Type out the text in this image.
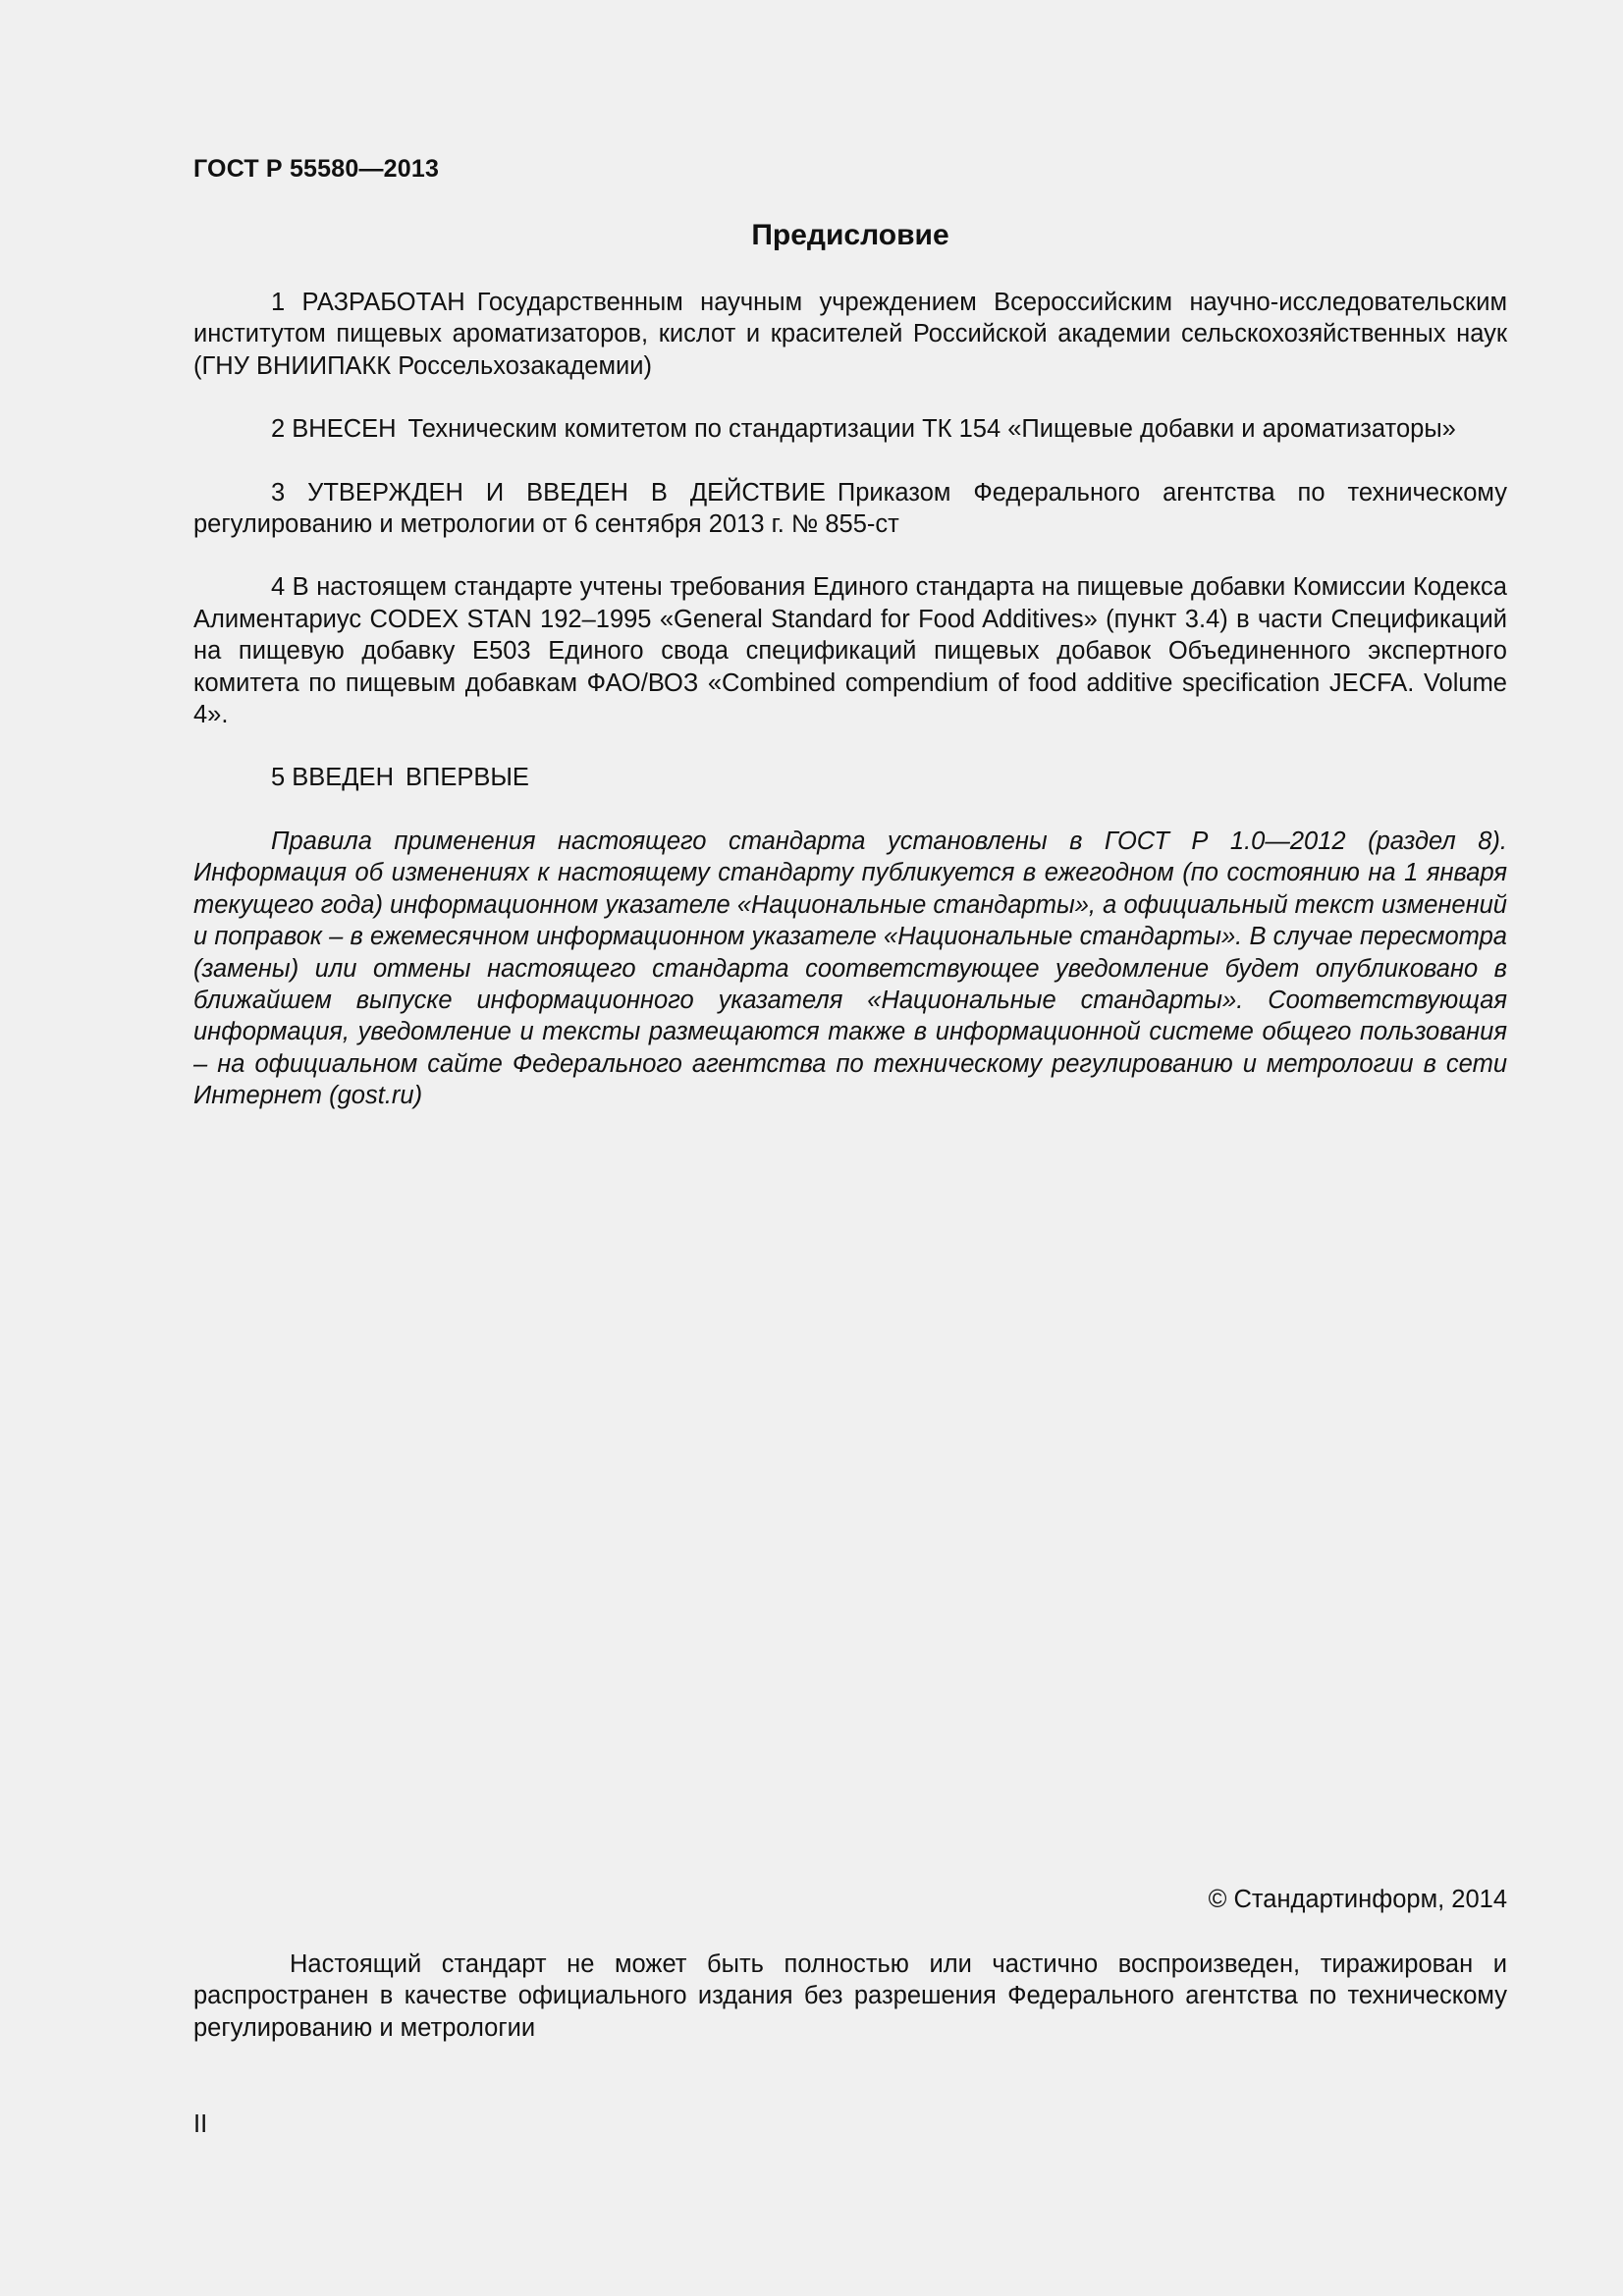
ГОСТ Р 55580—2013
Предисловие

1 РАЗРАБОТАН Государственным научным учреждением Всероссийским научно-исследовательским институтом пищевых ароматизаторов, кислот и красителей Российской академии сельскохозяйственных наук (ГНУ ВНИИПАКК Россельхозакадемии)

2 ВНЕСЕН Техническим комитетом по стандартизации ТК 154 «Пищевые добавки и ароматизаторы»

3 УТВЕРЖДЕН И ВВЕДЕН В ДЕЙСТВИЕ Приказом Федерального агентства по техническому регулированию и метрологии от 6 сентября 2013 г. № 855-ст

4 В настоящем стандарте учтены требования Единого стандарта на пищевые добавки Комиссии Кодекса Алиментариус CODEX STAN 192–1995 «General Standard for Food Additives» (пункт 3.4) в части Спецификаций на пищевую добавку Е503 Единого свода спецификаций пищевых добавок Объединенного экспертного комитета по пищевым добавкам ФАО/ВОЗ «Combined compendium of food additive specification JECFA. Volume 4».

5 ВВЕДЕН ВПЕРВЫЕ

Правила применения настоящего стандарта установлены в ГОСТ Р 1.0—2012 (раздел 8). Информация об изменениях к настоящему стандарту публикуется в ежегодном (по состоянию на 1 января текущего года) информационном указателе «Национальные стандарты», а официальный текст изменений и поправок – в ежемесячном информационном указателе «Национальные стандарты». В случае пересмотра (замены) или отмены настоящего стандарта соответствующее уведомление будет опубликовано в ближайшем выпуске информационного указателя «Национальные стандарты». Соответствующая информация, уведомление и тексты размещаются также в информационной системе общего пользования – на официальном сайте Федерального агентства по техническому регулированию и метрологии в сети Интернет (gost.ru)

© Стандартинформ, 2014

Настоящий стандарт не может быть полностью или частично воспроизведен, тиражирован и распространен в качестве официального издания без разрешения Федерального агентства по техническому регулированию и метрологии

II
